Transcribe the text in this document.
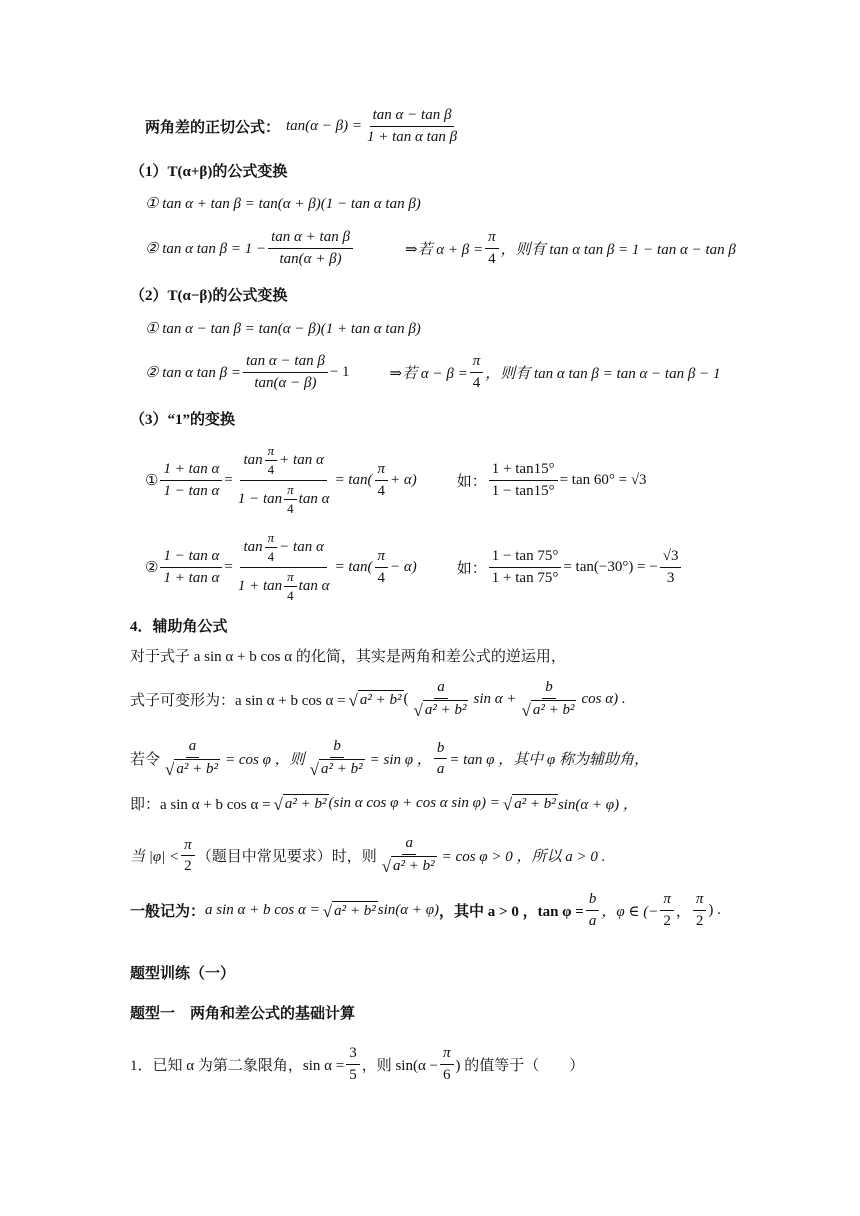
两角差的正切公式： $\tan(\alpha - \beta) = \frac{\text{tan α − tan β}}{\text{1 + tan α tan β}}$
（1）T(α+β)的公式变换
① tan α + tan β = tan(α + β)(1 − tan α tan β)
② tan α $\tan \beta = 1 - \frac{\text{tan α + tan β}}{\tan(\alpha + \beta)}$	⇒若 $\alpha + \beta = \frac{\pi}{4}$ ，则有 tan α tan β = 1 − tan α − tan β
（2）T(α−β)的公式变换
① tan α − tan β = tan(α − β)(1 + tan α tan β)
② tan α $\tan \beta = \frac{\text{tan α − tan β}}{\tan(\alpha - \beta)} - 1$	⇒若 $\alpha - \beta = \frac{\pi}{4}$ ，则有 tan α tan β = tan α − tan β − 1
（3）“1”的变换
① $\frac{\text{1 + tan α}}{\text{1 − tan α}} = \frac{\tan \frac{\pi}{4} + \tan \alpha}{1 - \tan \frac{\pi}{4} \tan \alpha} = \tan( \frac{\pi}{4} + \alpha)$	如： $\frac{1 + \tan 15^\circ}{1 - \tan 15^\circ} = \tan 60^\circ = √3$
② $\frac{\text{1 − tan α}}{\text{1 + tan α}} = \frac{\tan \frac{\pi}{4} - \tan \alpha}{1 + \tan \frac{\pi}{4} \tan \alpha} = \tan( \frac{\pi}{4} - \alpha)$	如： $\frac{1 - \tan 75^\circ}{1 + \tan 75^\circ} = \tan(-30^\circ)$ = − $\frac{√3}{3}$
4．辅助角公式
对于式子 a sin α + b cos α 的化简，其实是两角和差公式的逆运用，
式子可变形为：a sin α + b cos α = √ a² + b² ( $\frac{a}{\text{√ a² + b²}}$ $\sin \alpha + \frac{b}{\text{√ a² + b²}}$ cos α) .
若令 $\frac{a}{\text{√ a² + b²}} = \cos \varphi$ ，则 $\frac{b}{\text{√ a² + b²}} = \sin \varphi$ ， $\frac{b}{a} = \tan \varphi$ ，其中 φ 称为辅助角，
即：a sin α + b cos α = √ a² + b² (sin α cos φ + cos α sin φ) = √ a² + b² sin(α + φ) ，
当 $|\varphi| < \frac{\pi}{2}$ （题目中常见要求）时，则 $\frac{a}{\text{√ a² + b²}} = \cos \varphi > 0$ ，所以 a > 0 .
一般记为： a sin α + b cos α = √ a² + b² sin(α + φ) ，其中 a > 0 ，$\tan \varphi = \frac{b}{a}$ ，φ ∈ (− $\frac{\pi}{2}$ ， $\frac{\pi}{2}$ ) .
题型训练（一）
题型一　两角和差公式的基础计算
1．已知 α 为第二象限角，$\sin \alpha = \frac{3}{5}$ ，则 $\sin(\alpha - \frac{\pi}{6}$ ) 的值等于（　　）
